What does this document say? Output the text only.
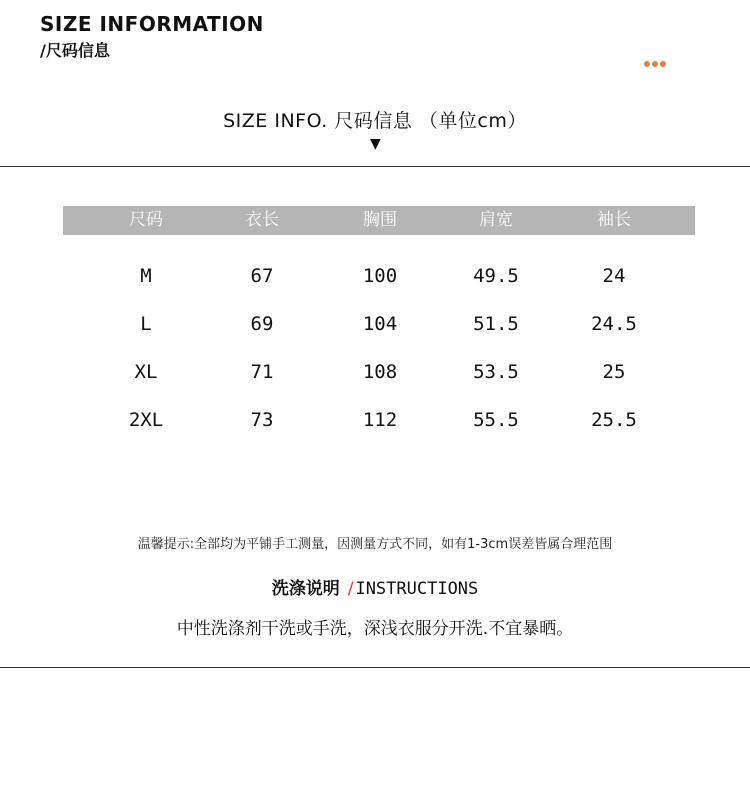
SIZE INFORMATION
/尺码信息
SIZE INFO. 尺码信息 （单位cm）
▼
尺码	衣长	胸围	肩宽	袖长
M	67	100	49.5	24
L	69	104	51.5	24.5
XL	71	108	53.5	25
2XL	73	112	55.5	25.5
温馨提示:全部均为平铺手工测量，因测量方式不同，如有1-3cm误差皆属合理范围
洗涤说明 / INSTRUCTIONS
中性洗涤剂干洗或手洗，深浅衣服分开洗.不宜暴晒。
